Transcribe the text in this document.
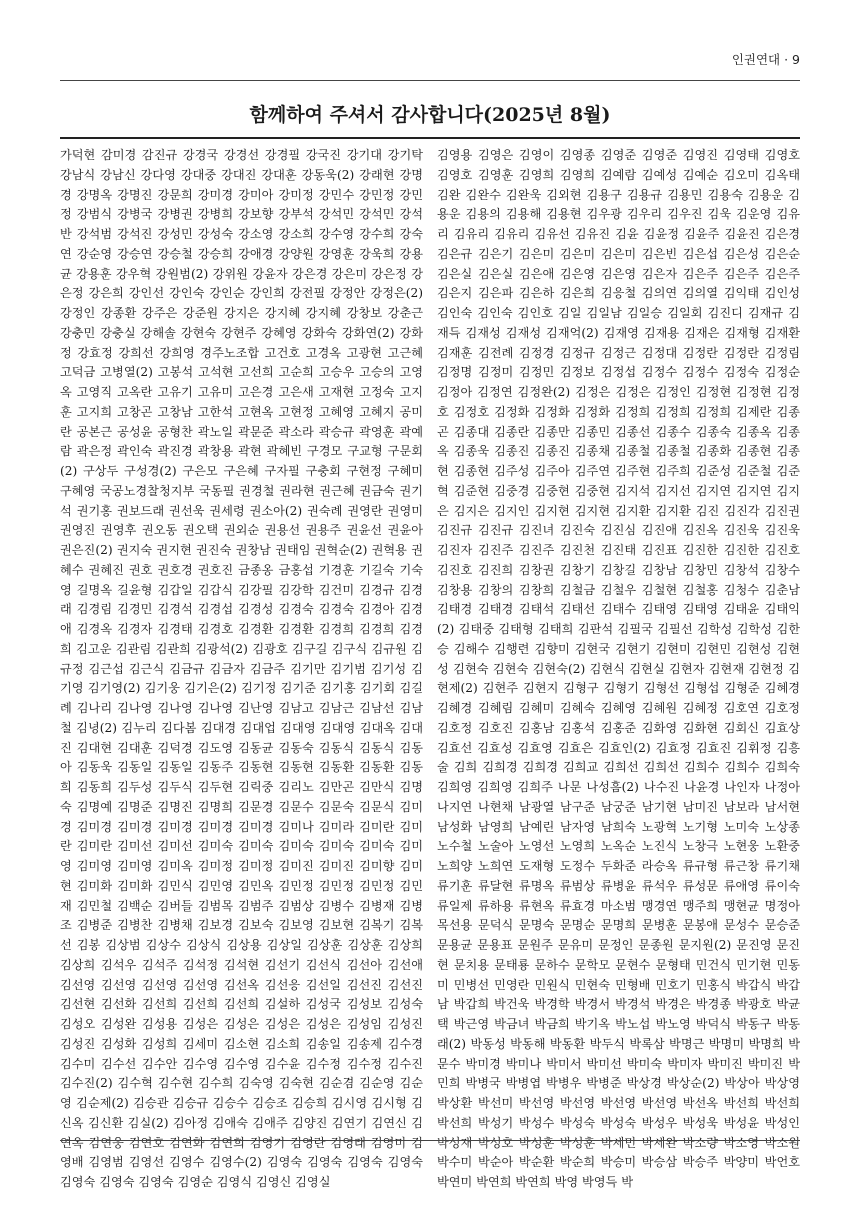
인권연대 · 9
함께하여 주셔서 감사합니다(2025년 8월)

가덕현 감미경 감진규 강경국 강경선 강경필 강국진 강기대 강기탁 강남식 강남신 강다영 강대중 강대진 강대훈 강동욱(2) 강래현 강명경 강명옥 강명진 강문희 강미경 강미아 강미정 강민수 강민정 강민정 강범식 강병국 강병권 강병희 강보향 강부석 강석민 강석민 강석반 강석범 강석진 강성민 강성숙 강소영 강소희 강수영 강수희 강숙연 강순영 강승연 강승철 강승희 강애경 강양원 강영훈 강욱희 강용균 강용훈 강우혁 강원범(2) 강위원 강윤자 강은경 강은미 강은정 강은정 강은희 강인선 강인숙 강인순 강인희 강전필 강정안 강정은(2) 강정인 강종환 강주은 강준원 강지은 강지혜 강지혜 강창보 강춘근 강충민 강충실 강해솔 강현숙 강현주 강혜영 강화숙 강화연(2) 강화정 강효정 강희선 강희영 경주노조합 고건호 고경옥 고광현 고근혜 고덕금 고병열(2) 고봉석 고석현 고선희 고순희 고승우 고승의 고영옥 고영직 고옥란 고유기 고유미 고은경 고은새 고재현 고정숙 고지훈 고지희 고창곤 고창남 고한석 고현옥 고현정 고혜영 고혜지 공미란 공본근 공성윤 공형찬 곽노일 곽문준 곽소라 곽승규 곽영훈 곽예람 곽은정 곽인숙 곽진경 곽창용 곽현 곽혜빈 구경모 구교형 구문회(2) 구상두 구성경(2) 구은모 구은혜 구자필 구충회 구현정 구혜미 구혜영 국공노경찰청지부 국동필 권경철 권라현 권근혜 권금숙 권기석 권기홍 권보드래 권선욱 권세령 권소아(2) 권숙례 권영란 권영미 권영진 권영후 권오동 권오택 권외순 권용선 권용주 권윤선 권윤아 권은진(2) 권지숙 권지현 권진숙 권창남 권태임 권혁순(2) 권혁용 권혜수 권혜진 권호 권호경 권호진 금종옹 금홍섭 기경훈 기길숙 기숙영 길명옥 길윤형 김갑일 김갑식 김강필 김강학 김건미 김경규 김경래 김경림 김경민 김경석 김경섭 김경성 김경숙 김경숙 김경아 김경애 김경옥 김경자 김경태 김경호 김경환 김경환 김경희 김경희 김경희 김고운 김관림 김관희 김광석(2) 김광호 김구길 김구식 김규원 김규정 김근섭 김근식 김금규 김금자 김금주 김기만 김기범 김기성 김기영 김기영(2) 김기웅 김기은(2) 김기정 김기준 김기홍 김기회 김길례 김나리 김나영 김나영 김나영 김난영 김남고 김남근 김남선 김남철 김녕(2) 김누리 김다봄 김대경 김대업 김대영 김대영 김대옥 김대진 김대현 김대훈 김덕경 김도영 김동균 김동숙 김동식 김동식 김동아 김동욱 김동일 김동일 김동주 김동현 김동현 김동환 김동환 김동희 김동희 김두성 김두식 김두현 김릭중 김리노 김만곤 김만식 김명숙 김명예 김명준 김명진 김명희 김문경 김문수 김문숙 김문식 김미경 김미경 김미경 김미경 김미경 김미경 김미나 김미라 김미란 김미란 김미란 김미선 김미선 김미숙 김미숙 김미숙 김미숙 김미숙 김미영 김미영 김미영 김미옥 김미정 김미정 김미진 김미진 김미향 김미현 김미화 김미화 김민식 김민영 김민옥 김민정 김민정 김민정 김민재 김민철 김백순 김버들 김범목 김범주 김범상 김병수 김병재 김병조 김병준 김병찬 김병채 김보경 김보숙 김보영 김보현 김복기 김복선 김봉 김상범 김상수 김상식 김상용 김상일 김상훈 김상훈 김상희 김상희 김석우 김석주 김석정 김석현 김선기 김선식 김선아 김선애 김선영 김선영 김선영 김선영 김선옥 김선응 김선일 김선진 김선진 김선현 김선화 김선희 김선희 김선희 김설하 김성국 김성보 김성숙 김성오 김성완 김성용 김성은 김성은 김성은 김성은 김성임 김성진 김성진 김성화 김성희 김세미 김소현 김소희 김송일 김송제 김수경 김수미 김수선 김수안 김수영 김수영 김수윤 김수정 김수정 김수진 김수진(2) 김수혁 김수현 김수희 김숙영 김숙현 김순겸 김순영 김순영 김순제(2) 김승관 김승규 김승수 김승조 김승희 김시영 김시형 김신옥 김신환 김실(2) 김아정 김애숙 김애주 김양진 김연기 김연신 김연옥 김연웅 김연호 김연화 김연희 김영기 김영란 김영래 김영미 김영배 김영범 김영선 김영수 김영수(2) 김영숙 김영숙 김영숙 김영숙 김영숙 김영숙 김영숙 김영순 김영식 김영신 김영실

김영용 김영은 김영이 김영종 김영준 김영준 김영진 김영태 김영호 김영호 김영훈 김영희 김영희 김예람 김예성 김예순 김오미 김옥태 김완 김완수 김완욱 김외현 김용구 김용규 김용민 김용숙 김용운 김용운 김용의 김용해 김용현 김우광 김우리 김우진 김욱 김운영 김유리 김유리 김유리 김유선 김유진 김윤 김윤정 김윤주 김윤진 김은경 김은규 김은기 김은미 김은미 김은미 김은빈 김은섭 김은성 김은순 김은실 김은실 김은애 김은영 김은영 김은자 김은주 김은주 김은주 김은지 김은파 김은하 김은희 김응철 김의연 김의열 김익태 김인성 김인숙 김인숙 김인호 김일 김일남 김일승 김일회 김진디 김재규 김재득 김재성 김재성 김재억(2) 김재영 김재용 김재은 김재형 김재환 김재훈 김전례 김정경 김정규 김정근 김정대 김정란 김정란 김정림 김정명 김정미 김정민 김정보 김정섭 김정수 김정수 김정숙 김정순 김정아 김정연 김정완(2) 김정은 김정은 김정인 김정현 김정현 김정호 김정호 김정화 김정화 김정화 김정희 김정희 김정희 김제란 김종곤 김종대 김종란 김종만 김종민 김종선 김종수 김종숙 김종옥 김종옥 김종욱 김종진 김종진 김종채 김종철 김종철 김종화 김종현 김종현 김종현 김주성 김주아 김주연 김주현 김주희 김준성 김준철 김준혁 김준현 김중경 김중현 김중현 김지석 김지선 김지연 김지연 김지은 김지은 김지인 김지현 김지현 김지환 김지환 김진 김진각 김진권 김진규 김진규 김진녀 김진숙 김진심 김진애 김진옥 김진욱 김진욱 김진자 김진주 김진주 김진천 김진태 김진표 김진한 김진한 김진호 김진호 김진희 김창권 김창기 김창길 김창남 김창민 김창석 김창수 김창용 김창의 김창희 김철금 김철우 김철현 김철홍 김청수 김춘남 김태경 김태경 김태석 김태선 김태수 김태영 김태영 김태윤 김태익(2) 김태중 김태형 김태희 김판석 김필국 김필선 김학성 김학성 김한승 김해수 김행련 김향미 김현국 김현기 김현미 김현민 김현성 김현성 김현숙 김현숙 김현숙(2) 김현식 김현실 김현자 김현재 김현정 김현제(2) 김현주 김현지 김형구 김형기 김형선 김형섭 김형준 김혜경 김혜경 김혜림 김혜미 김혜숙 김혜영 김혜원 김혜정 김호연 김호정 김호정 김호진 김홍남 김홍석 김홍준 김화영 김화현 김회신 김효상 김효선 김효성 김효영 김효은 김효인(2) 김효정 김효진 김휘정 김흥술 김희 김희경 김희경 김희교 김희선 김희선 김희수 김희수 김희숙 김희영 김희영 김희주 나문 나성흠(2) 나수진 나윤경 나인자 나정아 나지연 나현채 남광열 남구준 남궁준 남기현 남미진 남보라 남서현 남성화 남영희 남예린 남자영 남희숙 노광혁 노기형 노미숙 노상종 노수철 노술아 노영선 노영희 노옥순 노진식 노창극 노현웅 노환중 노희양 노희연 도재형 도정수 두화준 라승옥 류규형 류근창 류기채 류기훈 류달현 류명옥 류범상 류병윤 류석우 류성문 류애영 류이숙 류일제 류하용 류현옥 류효경 마소범 맹경연 맹주희 맹현균 명정아 목선용 문덕식 문명숙 문명순 문명희 문병훈 문봉애 문성수 문승준 문용균 문용표 문원주 문유미 문정인 문종원 문지원(2) 문진영 문진현 문치용 문태룡 문하수 문학모 문현수 문형태 민건식 민기현 민동미 민병선 민영란 민원식 민현숙 민형배 민호기 민홍식 박갑식 박갑남 박갑희 박건욱 박경학 박경서 박경석 박경은 박경종 박광호 박균택 박근영 박금녀 박금희 박기옥 박노섭 박노영 박덕식 박동구 박동래(2) 박동성 박동해 박동환 박두식 박록삼 박명근 박명미 박명희 박문수 박미경 박미나 박미서 박미선 박미숙 박미자 박미진 박미진 박민희 박병국 박병엽 박병우 박병준 박상경 박상순(2) 박상아 박상영 박상환 박선미 박선영 박선영 박선영 박선영 박선옥 박선희 박선희 박선희 박성기 박성수 박성숙 박성숙 박성우 박성욱 박성윤 박성인 박성재 박성호 박성훈 박성훈 박세민 박세완 박소량 박소영 박소원 박수미 박순아 박순환 박순희 박승미 박승삼 박승주 박양미 박언호 박연미 박연희 박연희 박영 박영득 박
